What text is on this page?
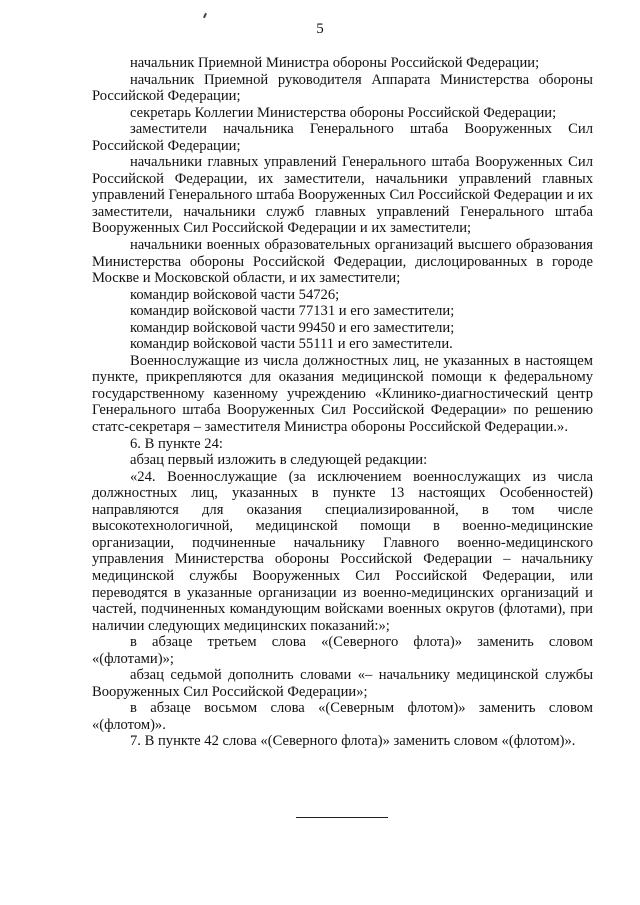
5

начальник Приемной Министра обороны Российской Федерации;

начальник Приемной руководителя Аппарата Министерства обороны Российской Федерации;

секретарь Коллегии Министерства обороны Российской Федерации;

заместители начальника Генерального штаба Вооруженных Сил Российской Федерации;

начальники главных управлений Генерального штаба Вооруженных Сил Российской Федерации, их заместители, начальники управлений главных управлений Генерального штаба Вооруженных Сил Российской Федерации и их заместители, начальники служб главных управлений Генерального штаба Вооруженных Сил Российской Федерации и их заместители;

начальники военных образовательных организаций высшего образования Министерства обороны Российской Федерации, дислоцированных в городе Москве и Московской области, и их заместители;

командир войсковой части 54726;

командир войсковой части 77131 и его заместители;

командир войсковой части 99450 и его заместители;

командир войсковой части 55111 и его заместители.

Военнослужащие из числа должностных лиц, не указанных в настоящем пункте, прикрепляются для оказания медицинской помощи к федеральному государственному казенному учреждению «Клинико-диагностический центр Генерального штаба Вооруженных Сил Российской Федерации» по решению статс-секретаря – заместителя Министра обороны Российской Федерации.».

6. В пункте 24:

абзац первый изложить в следующей редакции:

«24. Военнослужащие (за исключением военнослужащих из числа должностных лиц, указанных в пункте 13 настоящих Особенностей) направляются для оказания специализированной, в том числе высокотехнологичной, медицинской помощи в военно-медицинские организации, подчиненные начальнику Главного военно-медицинского управления Министерства обороны Российской Федерации – начальнику медицинской службы Вооруженных Сил Российской Федерации, или переводятся в указанные организации из военно-медицинских организаций и частей, подчиненных командующим войсками военных округов (флотами), при наличии следующих медицинских показаний:»;

в абзаце третьем слова «(Северного флота)» заменить словом «(флотами)»;

абзац седьмой дополнить словами «– начальнику медицинской службы Вооруженных Сил Российской Федерации»;

в абзаце восьмом слова «(Северным флотом)» заменить словом «(флотом)».

7. В пункте 42 слова «(Северного флота)» заменить словом «(флотом)».
